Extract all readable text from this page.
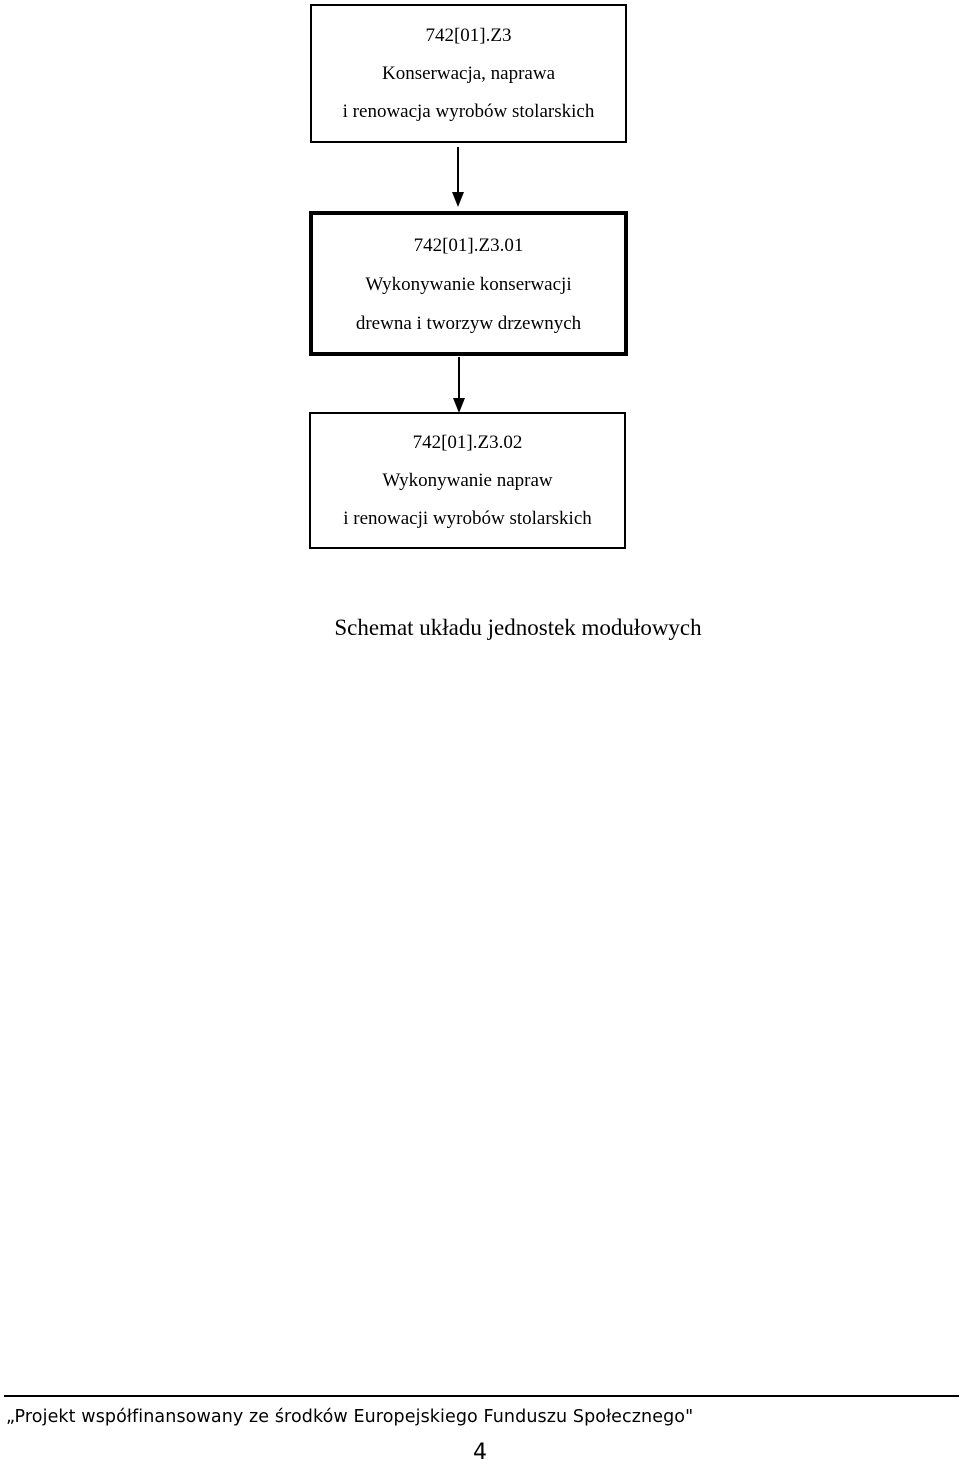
742[01].Z3
Konserwacja, naprawa
i renowacja wyrobów stolarskich
742[01].Z3.01
Wykonywanie konserwacji
drewna i tworzyw drzewnych
742[01].Z3.02
Wykonywanie napraw
i renowacji wyrobów stolarskich
Schemat układu jednostek modułowych
„Projekt współfinansowany ze środków Europejskiego Funduszu Społecznego"
4
